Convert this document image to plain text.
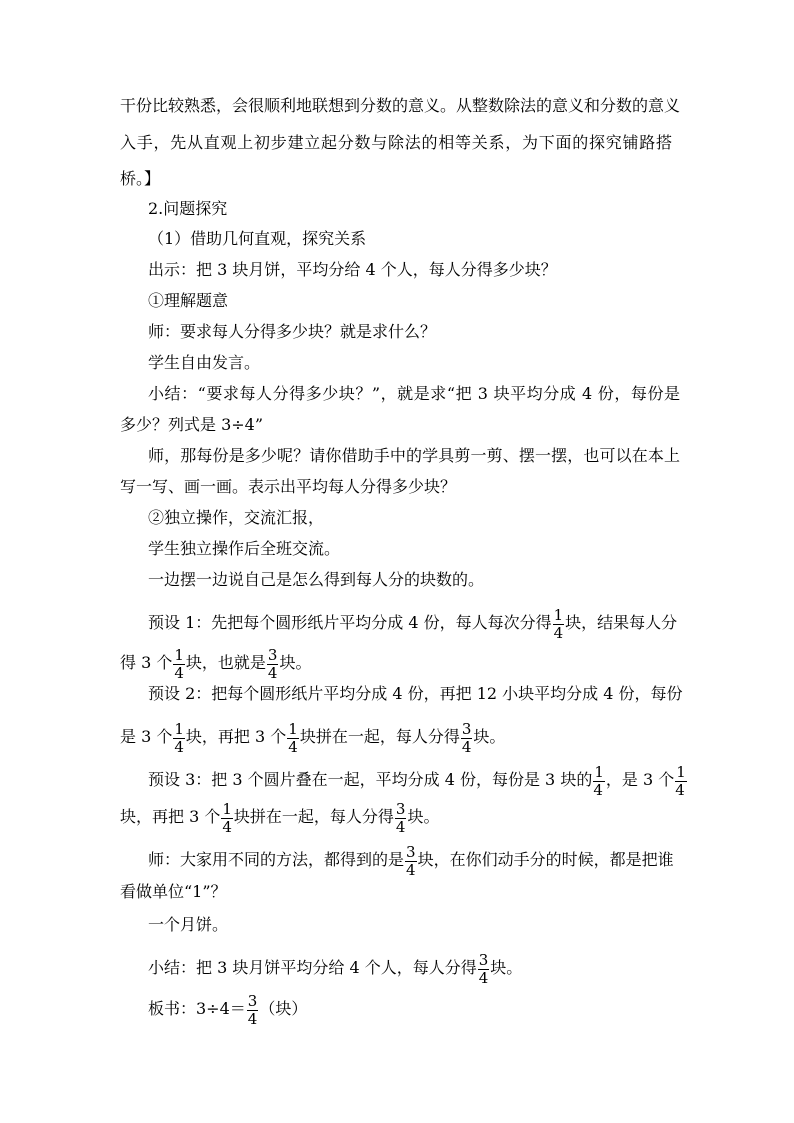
干份比较熟悉，会很顺利地联想到分数的意义。从整数除法的意义和分数的意义
入手，先从直观上初步建立起分数与除法的相等关系，为下面的探究铺路搭
桥。】
2.问题探究
（1）借助几何直观，探究关系
出示：把 3 块月饼，平均分给 4 个人，每人分得多少块？
①理解题意
师：要求每人分得多少块？就是求什么？
学生自由发言。
小结：“要求每人分得多少块？”，就是求“把 3 块平均分成 4 份，每份是
多少？列式是 3÷4”
师，那每份是多少呢？请你借助手中的学具剪一剪、摆一摆，也可以在本上
写一写、画一画。表示出平均每人分得多少块？
②独立操作，交流汇报，
学生独立操作后全班交流。
一边摆一边说自己是怎么得到每人分的块数的。
预设 1：先把每个圆形纸片平均分成 4 份，每人每次分得 $\frac{1}{4}$ 块，结果每人分
得 3 个 $\frac{1}{4}$ 块，也就是 $\frac{3}{4}$ 块。
预设 2：把每个圆形纸片平均分成 4 份，再把 12 小块平均分成 4 份，每份
是 3 个 $\frac{1}{4}$ 块，再把 3 个 $\frac{1}{4}$ 块拼在一起，每人分得 $\frac{3}{4}$ 块。
预设 3：把 3 个圆片叠在一起，平均分成 4 份，每份是 3 块的 $\frac{1}{4}$ ，是 3 个 $\frac{1}{4}$
块，再把 3 个 $\frac{1}{4}$ 块拼在一起，每人分得 $\frac{3}{4}$ 块。
师：大家用不同的方法，都得到的是 $\frac{3}{4}$ 块，在你们动手分的时候，都是把谁
看做单位“1”？
一个月饼。
小结：把 3 块月饼平均分给 4 个人，每人分得 $\frac{3}{4}$ 块。
板书：$3\div 4= \frac{3}{4}$ （块）
